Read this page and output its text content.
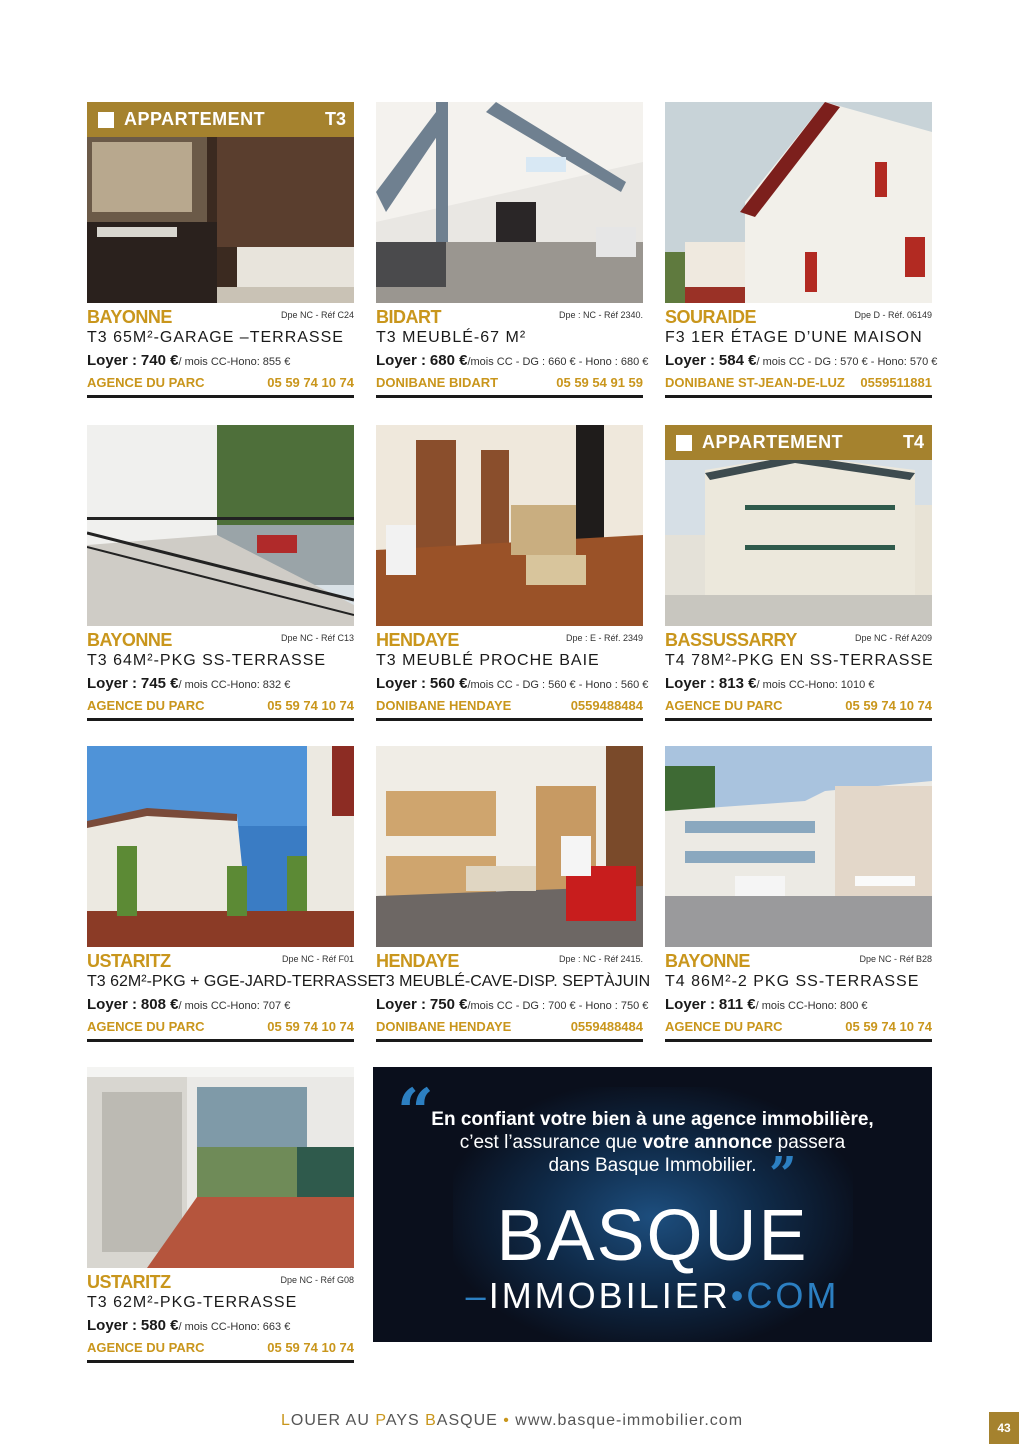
APPARTEMENT	T3
BAYONNE	Dpe NC - Réf C24
T3 65M²-GARAGE –TERRASSE
Loyer : 740 €/ mois CC-Hono: 855 €
AGENCE DU PARC	05 59 74 10 74
BIDART	Dpe : NC - Réf 2340.
T3 MEUBLÉ-67 M²
Loyer : 680 €/mois CC - DG : 660 € - Hono : 680 €
DONIBANE BIDART	05 59 54 91 59
SOURAIDE	Dpe D - Réf. 06149
F3 1ER ÉTAGE D’UNE MAISON
Loyer : 584 €/ mois CC - DG : 570 € - Hono: 570 €
DONIBANE ST-JEAN-DE-LUZ 0559511881
BAYONNE	Dpe NC - Réf C13
T3 64M²-PKG SS-TERRASSE
Loyer : 745 €/ mois CC-Hono: 832 €
AGENCE DU PARC	05 59 74 10 74
HENDAYE	Dpe : E - Réf. 2349
T3 MEUBLÉ PROCHE BAIE
Loyer : 560 €/mois CC - DG : 560 € - Hono : 560 €
DONIBANE HENDAYE	0559488484
APPARTEMENT	T4
BASSUSSARRY	Dpe NC - Réf A209
T4 78M²-PKG EN SS-TERRASSE
Loyer : 813 €/ mois CC-Hono: 1010 €
AGENCE DU PARC	05 59 74 10 74
USTARITZ	Dpe NC - Réf F01
T3 62M²-PKG + GGE-JARD-TERRASSE
Loyer : 808 €/ mois CC-Hono: 707 €
AGENCE DU PARC	05 59 74 10 74
HENDAYE	Dpe : NC - Réf 2415.
T3 MEUBLÉ-CAVE-DISP. SEPTÀJUIN
Loyer : 750 €/mois CC - DG : 700 € - Hono : 750 €
DONIBANE HENDAYE	0559488484
BAYONNE	Dpe NC - Réf B28
T4 86M²-2 PKG SS-TERRASSE
Loyer : 811 €/ mois CC-Hono: 800 €
AGENCE DU PARC	05 59 74 10 74
USTARITZ	Dpe NC - Réf G08
T3 62M²-PKG-TERRASSE
Loyer : 580 €/ mois CC-Hono: 663 €
AGENCE DU PARC	05 59 74 10 74
“
En confiant votre bien à une agence immobilière,
c’est l’assurance que votre annonce passera
dans Basque Immobilier. ”
BASQUE
–IMMOBILIER•COM
LOUER AU PAYS BASQUE • www.basque-immobilier.com	43
